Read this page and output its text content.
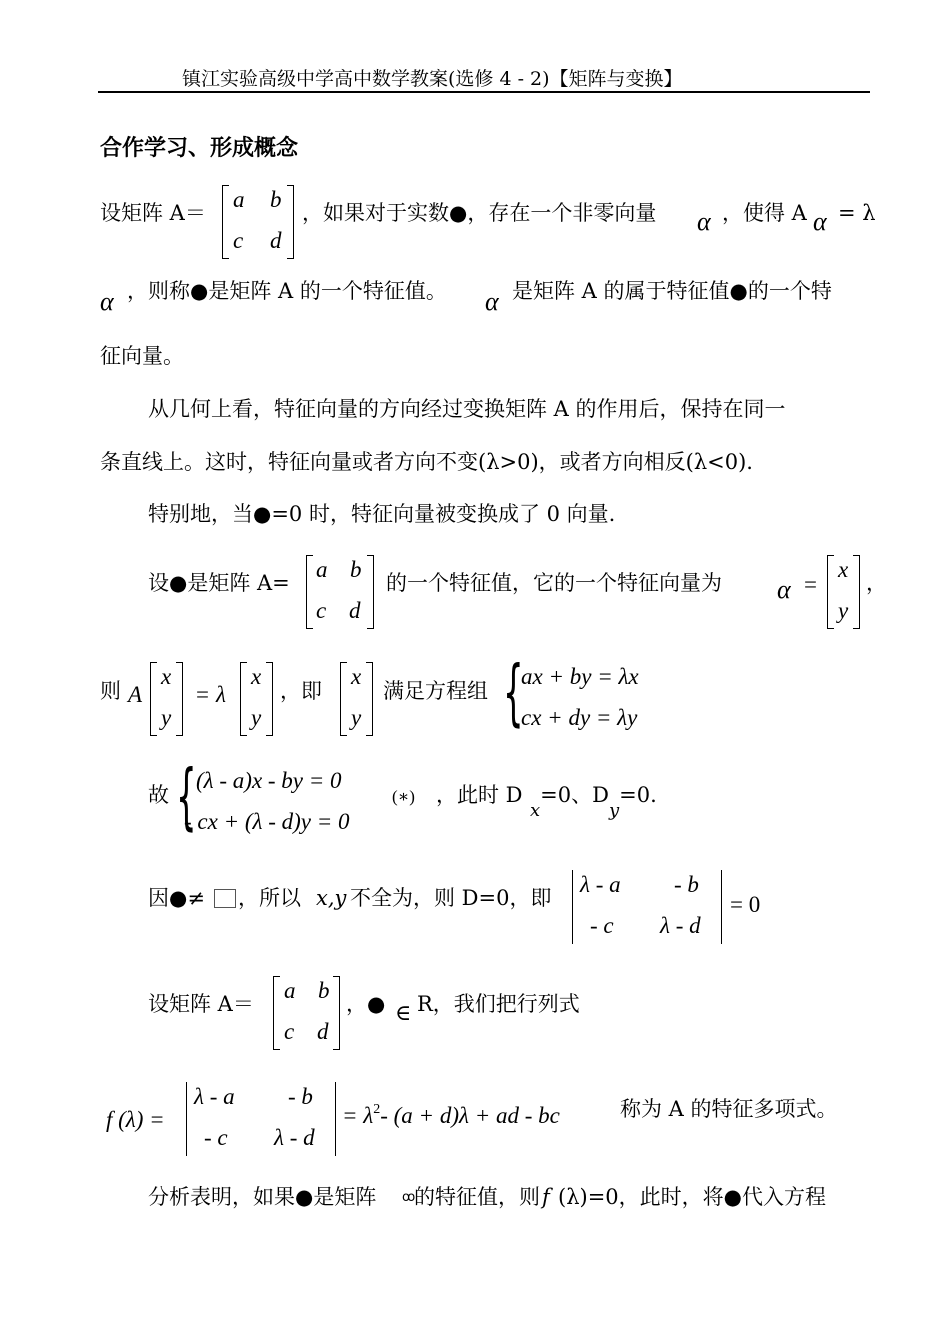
镇江实验高级中学高中数学教案(选修 4 - 2)【矩阵与变换】
合作学习、形成概念
设矩阵 A＝
a b
c d
，如果对于实数●，存在一个非零向量 α ，使得 A α = λ
α ，则称●是矩阵 A 的一个特征值。 α 是矩阵 A 的属于特征值●的一个特
征向量。
从几何上看，特征向量的方向经过变换矩阵 A 的作用后，保持在同一
条直线上。这时，特征向量或者方向不变(λ>0)，或者方向相反(λ<0).
特别地，当●=0 时，特征向量被变换成了 0 向量.
设●是矩阵 A=
a b
c d
的一个特征值，它的一个特征向量为 α =
x
y
，
则 A
x
y
= λ
x
y
，即
x
y
满足方程组 {
ax + by = λx
cx + dy = λy
故 { (λ - a)x - by = 0
- cx + (λ - d)y = 0
(∗) ，此时 D
x=0、Dy=0.
因●≠ ，所以 x,y 不全为，则 D=0，即
λ - a - b
- c λ - d
= 0
设矩阵 A＝
a b
c d
，● ∈ R，我们把行列式
f (λ) =
λ - a - b
- c λ - d
= $\lambda^2-$ (a + d)λ + ad - bc	称为 A 的特征多项式。
分析表明，如果●是矩阵 ꝏ
的特征值，则 f (λ)=0，此时，将●代入方程
